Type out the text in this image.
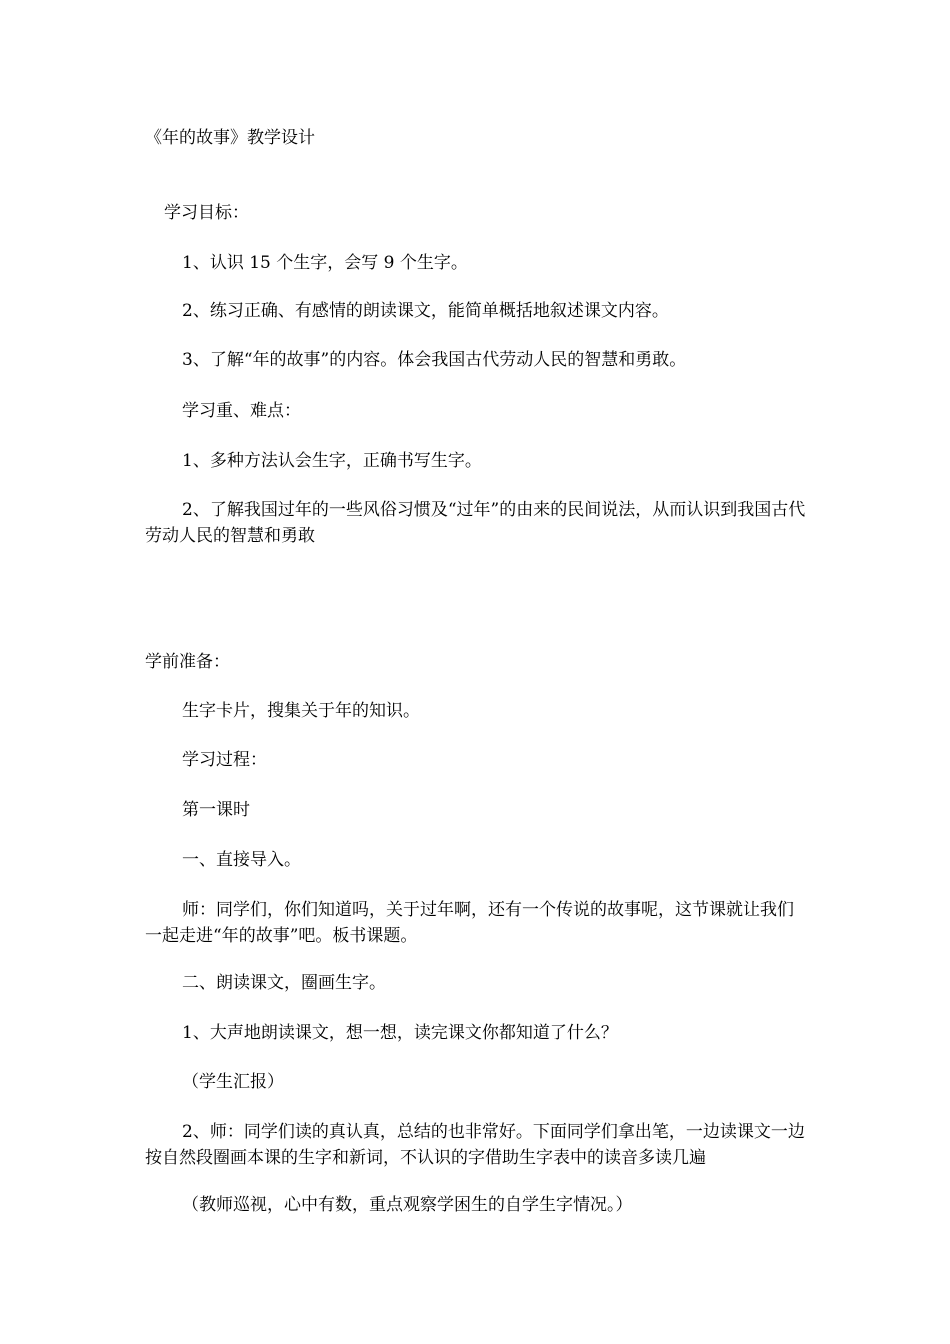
《年的故事》教学设计
学习目标：
1、认识 15 个生字，会写 9 个生字。
2、练习正确、有感情的朗读课文，能简单概括地叙述课文内容。
3、了解“年的故事”的内容。体会我国古代劳动人民的智慧和勇敢。
学习重、难点：
1、多种方法认会生字，正确书写生字。
2、了解我国过年的一些风俗习惯及“过年”的由来的民间说法，从而认识到我国古代劳动人民的智慧和勇敢
学前准备：
生字卡片，搜集关于年的知识。
学习过程：
第一课时
一、直接导入。
师：同学们，你们知道吗，关于过年啊，还有一个传说的故事呢，这节课就让我们一起走进“年的故事”吧。板书课题。
二、朗读课文，圈画生字。
1、大声地朗读课文，想一想，读完课文你都知道了什么？
（学生汇报）
2、师：同学们读的真认真，总结的也非常好。下面同学们拿出笔，一边读课文一边按自然段圈画本课的生字和新词，不认识的字借助生字表中的读音多读几遍
（教师巡视，心中有数，重点观察学困生的自学生字情况。）
